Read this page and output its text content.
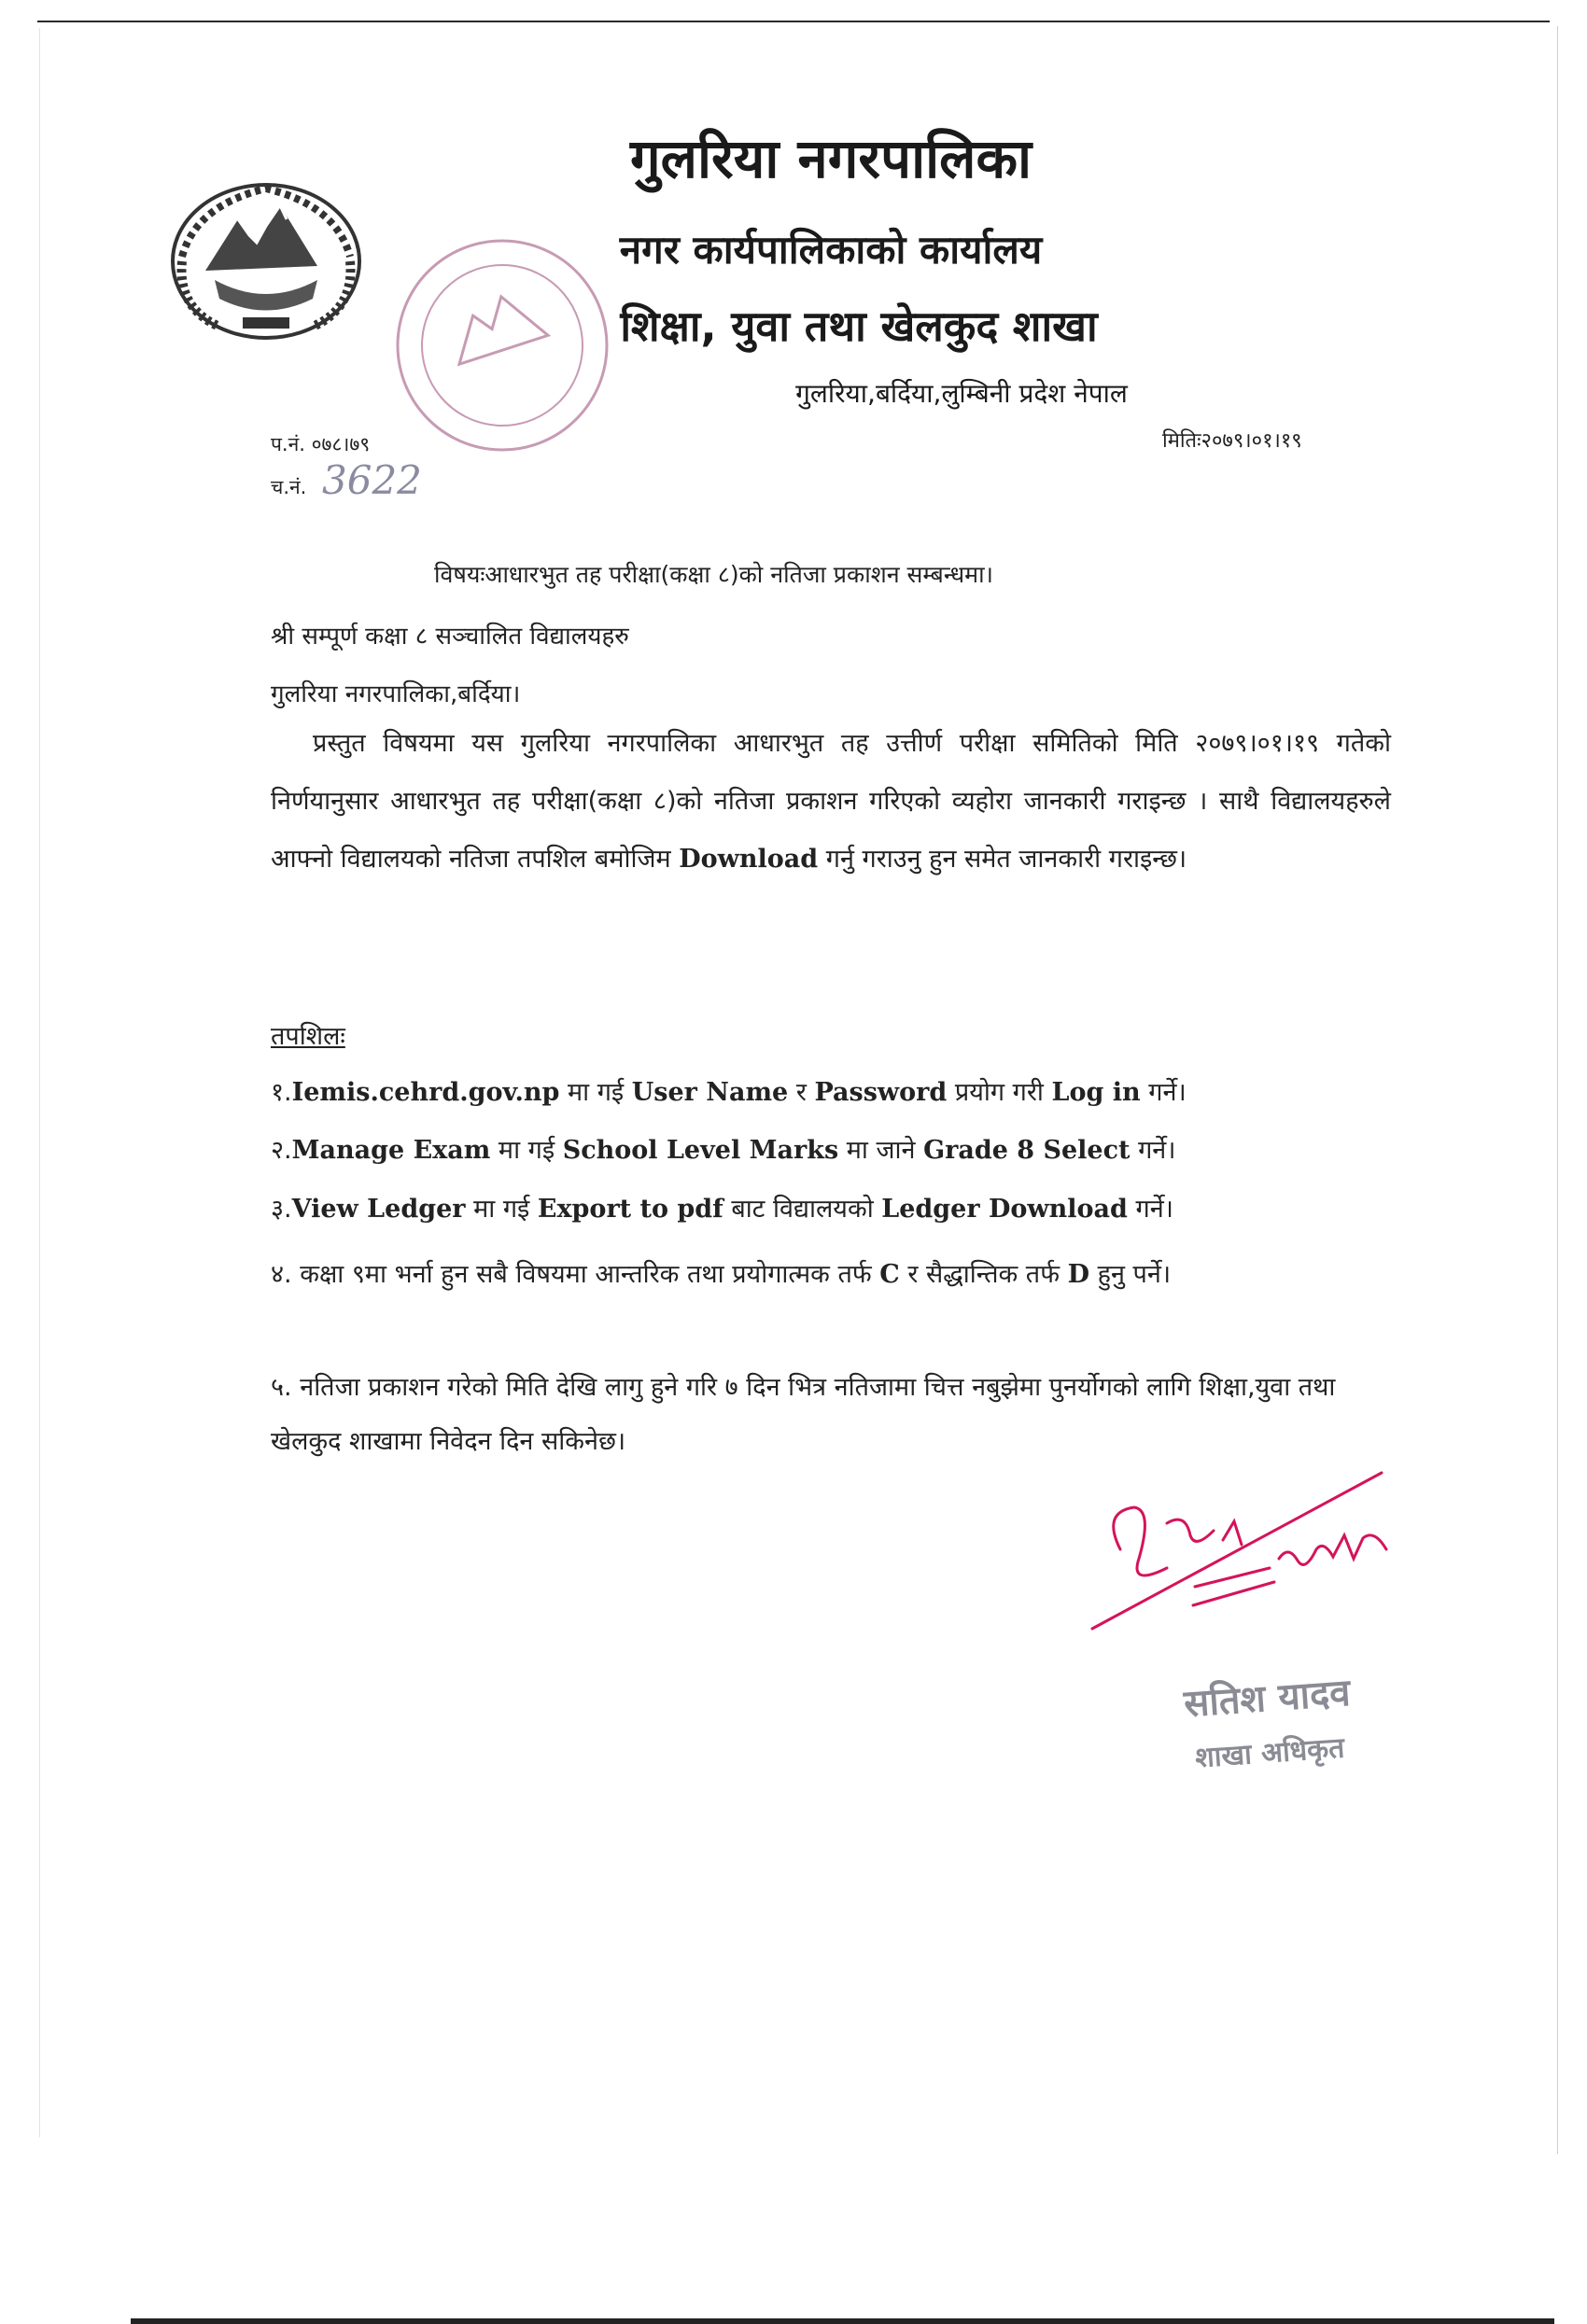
गुलरिया नगरपालिका
नगर कार्यपालिकाको कार्यालय
शिक्षा, युवा तथा खेलकुद शाखा
गुलरिया,बर्दिया,लुम्बिनी प्रदेश नेपाल
प.नं. ०७८।७९
च.नं. 3622
मितिः२०७९।०१।१९
विषयःआधारभुत तह परीक्षा(कक्षा ८)को नतिजा प्रकाशन सम्बन्धमा।
श्री सम्पूर्ण कक्षा ८ सञ्चालित विद्यालयहरु
गुलरिया नगरपालिका,बर्दिया।
प्रस्तुत विषयमा यस गुलरिया नगरपालिका आधारभुत तह उत्तीर्ण परीक्षा समितिको मिति २०७९।०१।१९ गतेको निर्णयानुसार आधारभुत तह परीक्षा(कक्षा ८)को नतिजा प्रकाशन गरिएको व्यहोरा जानकारी गराइन्छ । साथै विद्यालयहरुले आफ्नो विद्यालयको नतिजा तपशिल बमोजिम Download गर्नु गराउनु हुन समेत जानकारी गराइन्छ।
तपशिलः
१.Iemis.cehrd.gov.np मा गई User Name र Password प्रयोग गरी Log in गर्ने।
२.Manage Exam मा गई School Level Marks मा जाने Grade 8 Select गर्ने।
३.View Ledger मा गई Export to pdf बाट विद्यालयको Ledger Download गर्ने।
४. कक्षा ९मा भर्ना हुन सबै विषयमा आन्तरिक तथा प्रयोगात्मक तर्फ C र सैद्धान्तिक तर्फ D हुनु पर्ने।
५. नतिजा प्रकाशन गरेको मिति देखि लागु हुने गरि ७ दिन भित्र नतिजामा चित्त नबुझेमा पुनर्योगको लागि शिक्षा,युवा तथा खेलकुद शाखामा निवेदन दिन सकिनेछ।
सतिश यादव
शाखा अधिकृत
